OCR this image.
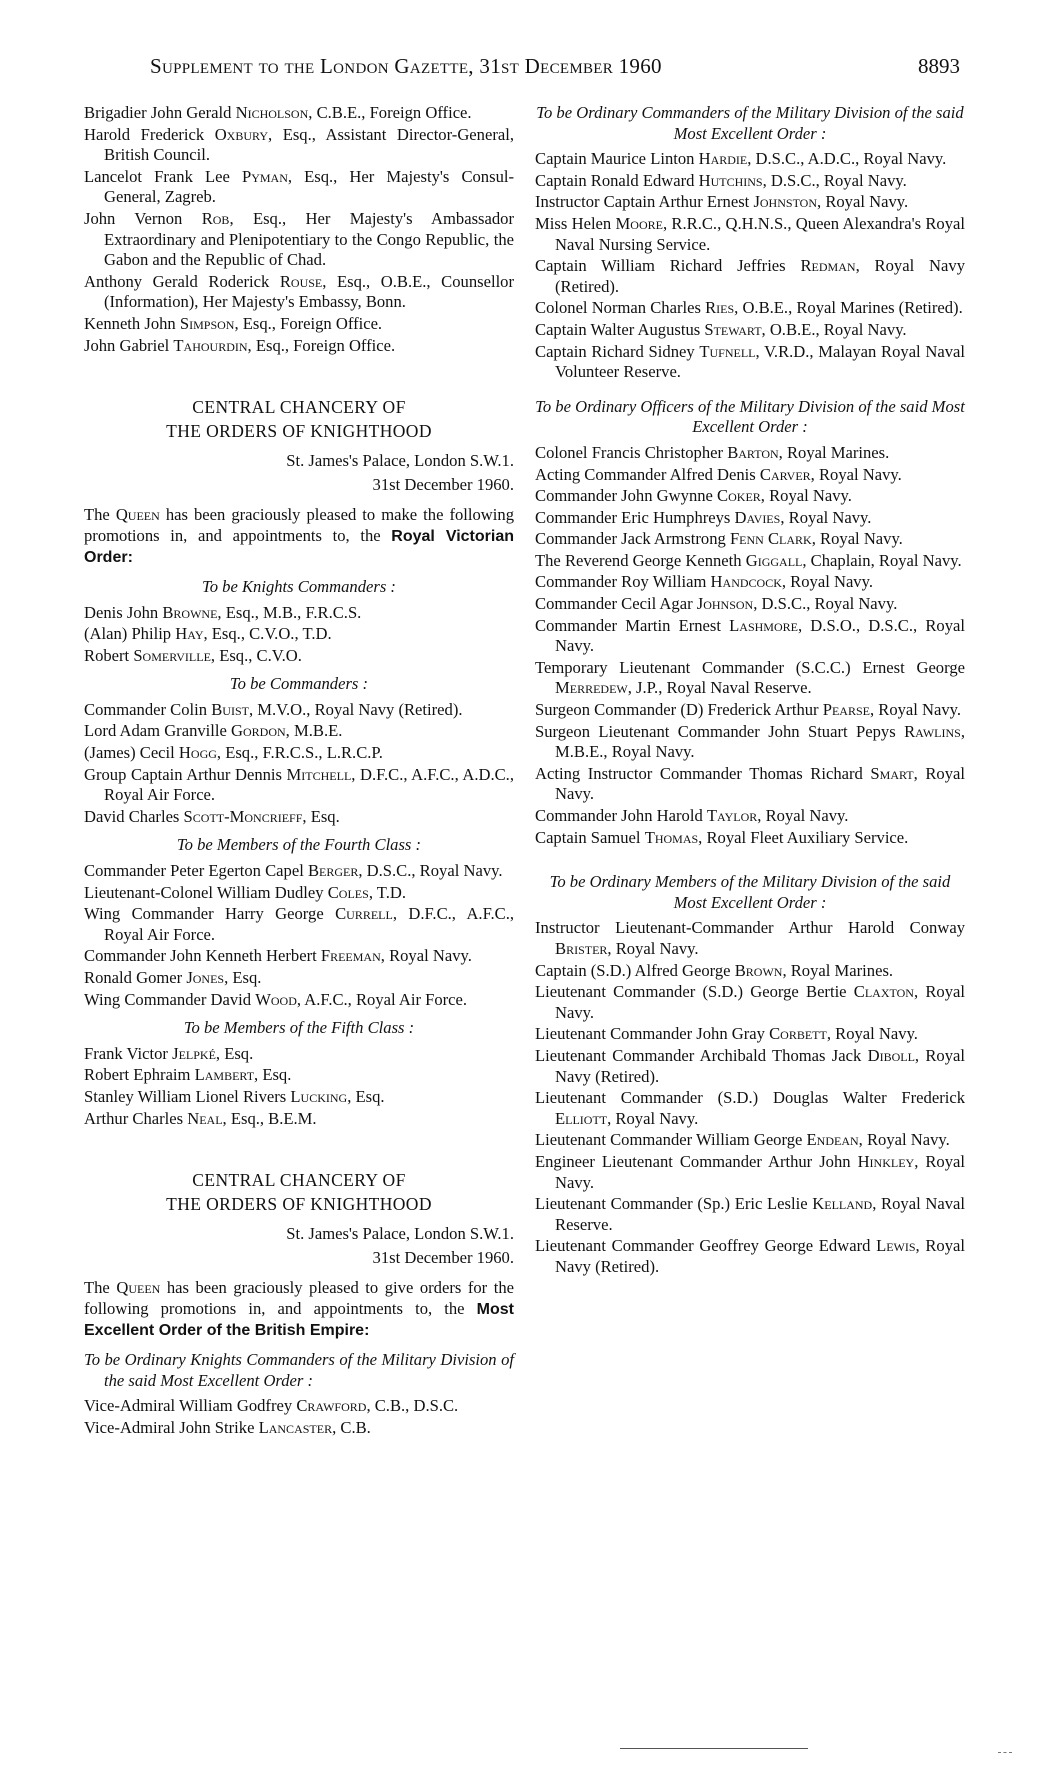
Supplement to the London Gazette, 31st December 1960	8893
Brigadier John Gerald Nicholson, C.B.E., Foreign Office.
Harold Frederick Oxbury, Esq., Assistant Director-General, British Council.
Lancelot Frank Lee Pyman, Esq., Her Majesty's Consul-General, Zagreb.
John Vernon Rob, Esq., Her Majesty's Ambassador Extraordinary and Plenipotentiary to the Congo Republic, the Gabon and the Republic of Chad.
Anthony Gerald Roderick Rouse, Esq., O.B.E., Counsellor (Information), Her Majesty's Embassy, Bonn.
Kenneth John Simpson, Esq., Foreign Office.
John Gabriel Tahourdin, Esq., Foreign Office.
CENTRAL CHANCERY OF
THE ORDERS OF KNIGHTHOOD
St. James's Palace, London S.W.1.
31st December 1960.
The Queen has been graciously pleased to make the following promotions in, and appointments to, the Royal Victorian Order:
To be Knights Commanders :
Denis John Browne, Esq., M.B., F.R.C.S.
(Alan) Philip Hay, Esq., C.V.O., T.D.
Robert Somerville, Esq., C.V.O.
To be Commanders :
Commander Colin Buist, M.V.O., Royal Navy (Retired).
Lord Adam Granville Gordon, M.B.E.
(James) Cecil Hogg, Esq., F.R.C.S., L.R.C.P.
Group Captain Arthur Dennis Mitchell, D.F.C., A.F.C., A.D.C., Royal Air Force.
David Charles Scott-Moncrieff, Esq.
To be Members of the Fourth Class :
Commander Peter Egerton Capel Berger, D.S.C., Royal Navy.
Lieutenant-Colonel William Dudley Coles, T.D.
Wing Commander Harry George Currell, D.F.C., A.F.C., Royal Air Force.
Commander John Kenneth Herbert Freeman, Royal Navy.
Ronald Gomer Jones, Esq.
Wing Commander David Wood, A.F.C., Royal Air Force.
To be Members of the Fifth Class :
Frank Victor Jelpké, Esq.
Robert Ephraim Lambert, Esq.
Stanley William Lionel Rivers Lucking, Esq.
Arthur Charles Neal, Esq., B.E.M.
CENTRAL CHANCERY OF
THE ORDERS OF KNIGHTHOOD
St. James's Palace, London S.W.1.
31st December 1960.
The Queen has been graciously pleased to give orders for the following promotions in, and appointments to, the Most Excellent Order of the British Empire:
To be Ordinary Knights Commanders of the Military Division of the said Most Excellent Order :
Vice-Admiral William Godfrey Crawford, C.B., D.S.C.
Vice-Admiral John Strike Lancaster, C.B.
To be Ordinary Commanders of the Military Division of the said Most Excellent Order :
Captain Maurice Linton Hardie, D.S.C., A.D.C., Royal Navy.
Captain Ronald Edward Hutchins, D.S.C., Royal Navy.
Instructor Captain Arthur Ernest Johnston, Royal Navy.
Miss Helen Moore, R.R.C., Q.H.N.S., Queen Alexandra's Royal Naval Nursing Service.
Captain William Richard Jeffries Redman, Royal Navy (Retired).
Colonel Norman Charles Ries, O.B.E., Royal Marines (Retired).
Captain Walter Augustus Stewart, O.B.E., Royal Navy.
Captain Richard Sidney Tufnell, V.R.D., Malayan Royal Naval Volunteer Reserve.
To be Ordinary Officers of the Military Division of the said Most Excellent Order :
Colonel Francis Christopher Barton, Royal Marines.
Acting Commander Alfred Denis Carver, Royal Navy.
Commander John Gwynne Coker, Royal Navy.
Commander Eric Humphreys Davies, Royal Navy.
Commander Jack Armstrong Fenn Clark, Royal Navy.
The Reverend George Kenneth Giggall, Chaplain, Royal Navy.
Commander Roy William Handcock, Royal Navy.
Commander Cecil Agar Johnson, D.S.C., Royal Navy.
Commander Martin Ernest Lashmore, D.S.O., D.S.C., Royal Navy.
Temporary Lieutenant Commander (S.C.C.) Ernest George Merredew, J.P., Royal Naval Reserve.
Surgeon Commander (D) Frederick Arthur Pearse, Royal Navy.
Surgeon Lieutenant Commander John Stuart Pepys Rawlins, M.B.E., Royal Navy.
Acting Instructor Commander Thomas Richard Smart, Royal Navy.
Commander John Harold Taylor, Royal Navy.
Captain Samuel Thomas, Royal Fleet Auxiliary Service.
To be Ordinary Members of the Military Division of the said Most Excellent Order :
Instructor Lieutenant-Commander Arthur Harold Conway Brister, Royal Navy.
Captain (S.D.) Alfred George Brown, Royal Marines.
Lieutenant Commander (S.D.) George Bertie Claxton, Royal Navy.
Lieutenant Commander John Gray Corbett, Royal Navy.
Lieutenant Commander Archibald Thomas Jack Diboll, Royal Navy (Retired).
Lieutenant Commander (S.D.) Douglas Walter Frederick Elliott, Royal Navy.
Lieutenant Commander William George Endean, Royal Navy.
Engineer Lieutenant Commander Arthur John Hinkley, Royal Navy.
Lieutenant Commander (Sp.) Eric Leslie Kelland, Royal Naval Reserve.
Lieutenant Commander Geoffrey George Edward Lewis, Royal Navy (Retired).
